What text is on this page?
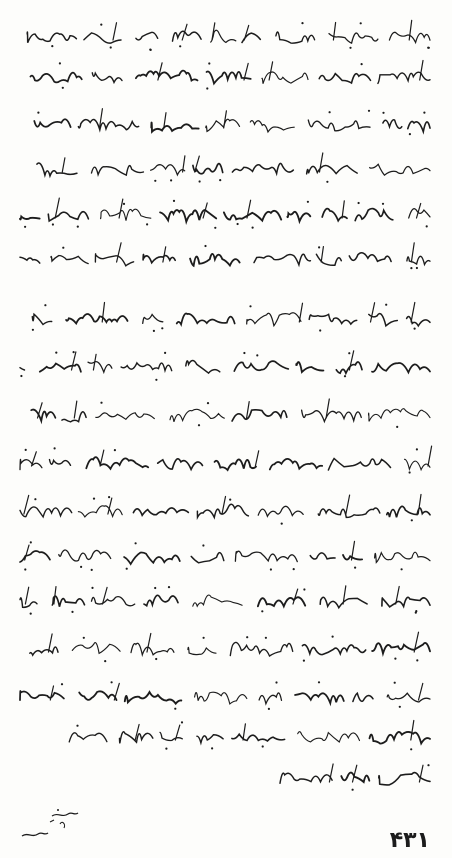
۴۳۱
